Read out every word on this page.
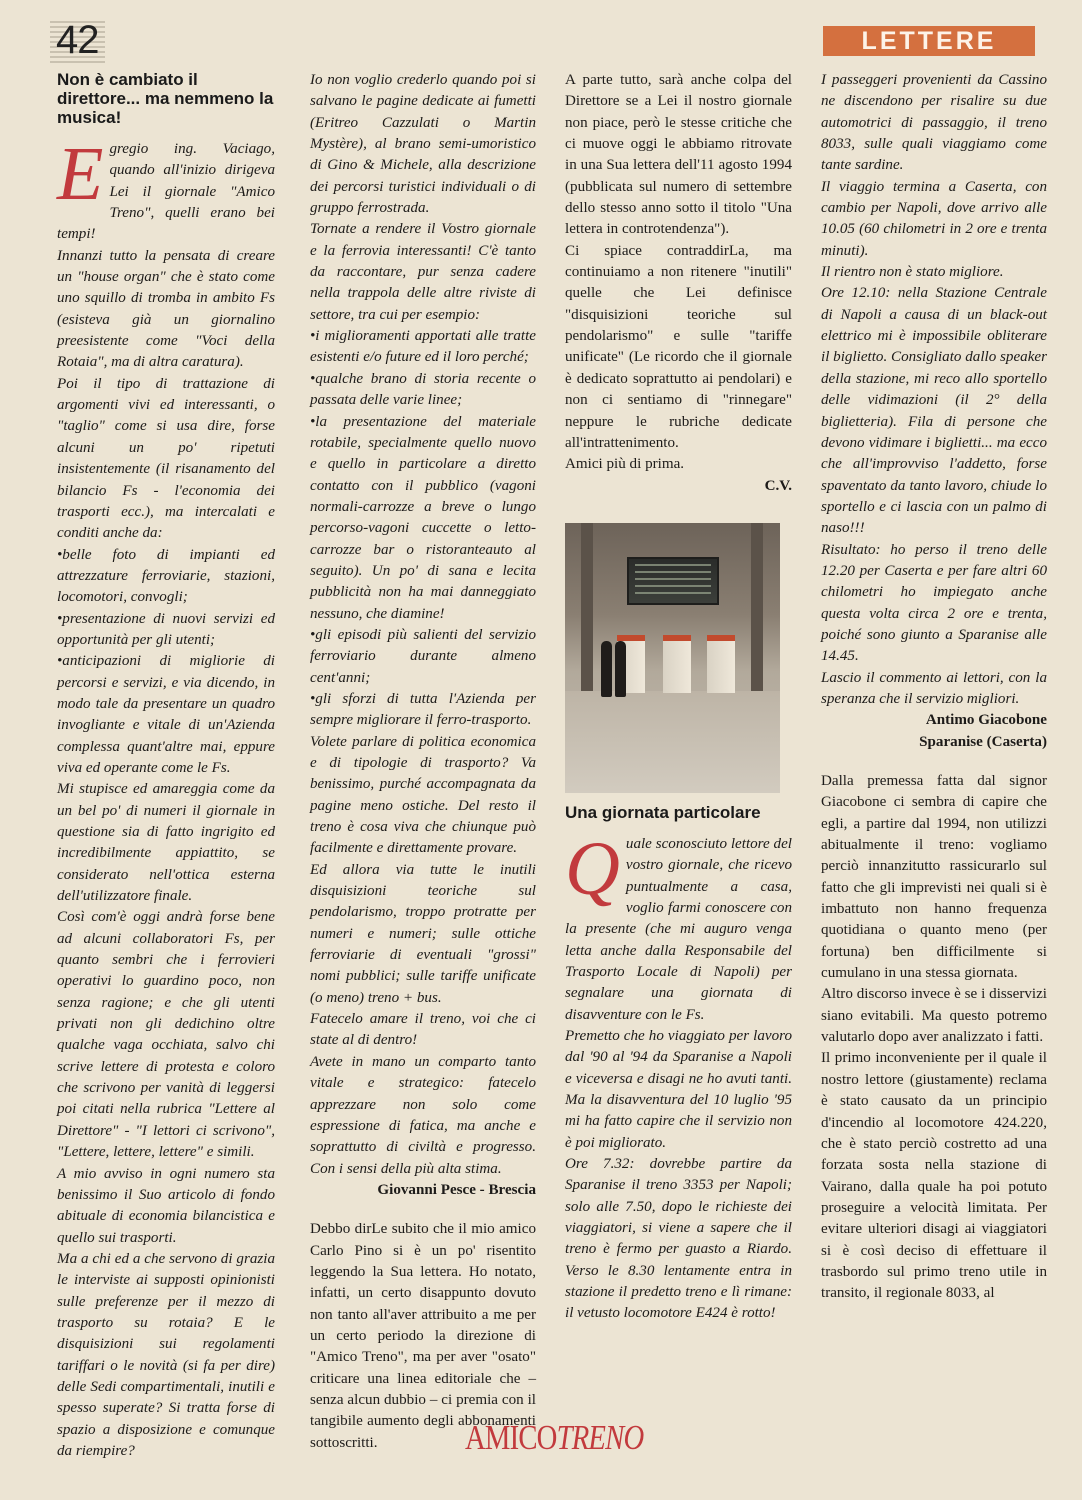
42	LETTERE
Non è cambiato il direttore... ma nemmeno la musica!

Egregio ing. Vaciago, quando all'inizio dirigeva Lei il giornale "Amico Treno", quelli erano bei tempi!

Innanzi tutto la pensata di creare un "house organ" che è stato come uno squillo di tromba in ambito Fs (esisteva già un giornalino preesistente come "Voci della Rotaia", ma di altra caratura).

Poi il tipo di trattazione di argomenti vivi ed interessanti, o "taglio" come si usa dire, forse alcuni un po' ripetuti insistentemente (il risanamento del bilancio Fs - l'economia dei trasporti ecc.), ma intercalati e conditi anche da:

•belle foto di impianti ed attrezzature ferroviarie, stazioni, locomotori, convogli;

•presentazione di nuovi servizi ed opportunità per gli utenti;

•anticipazioni di migliorie di percorsi e servizi, e via dicendo, in modo tale da presentare un quadro invogliante e vitale di un'Azienda complessa quant'altre mai, eppure viva ed operante come le Fs.

Mi stupisce ed amareggia come da un bel po' di numeri il giornale in questione sia di fatto ingrigito ed incredibilmente appiattito, se considerato nell'ottica esterna dell'utilizzatore finale.

Così com'è oggi andrà forse bene ad alcuni collaboratori Fs, per quanto sembri che i ferrovieri operativi lo guardino poco, non senza ragione; e che gli utenti privati non gli dedichino oltre qualche vaga occhiata, salvo chi scrive lettere di protesta e coloro che scrivono per vanità di leggersi poi citati nella rubrica "Lettere al Direttore" - "I lettori ci scrivono", "Lettere, lettere, lettere" e simili.

A mio avviso in ogni numero sta benissimo il Suo articolo di fondo abituale di economia bilancistica e quello sui trasporti.

Ma a chi ed a che servono di grazia le interviste ai supposti opinionisti sulle preferenze per il mezzo di trasporto su rotaia? E le disquisizioni sui regolamenti tariffari o le novità (si fa per dire) delle Sedi compartimentali, inutili e spesso superate? Si tratta forse di spazio a disposizione e comunque da riempire?

Io non voglio crederlo quando poi si salvano le pagine dedicate ai fumetti (Eritreo Cazzulati o Martin Mystère), al brano semi-umoristico di Gino & Michele, alla descrizione dei percorsi turistici individuali o di gruppo ferrostrada.

Tornate a rendere il Vostro giornale e la ferrovia interessanti! C'è tanto da raccontare, pur senza cadere nella trappola delle altre riviste di settore, tra cui per esempio:

•i miglioramenti apportati alle tratte esistenti e/o future ed il loro perché;

•qualche brano di storia recente o passata delle varie linee;

•la presentazione del materiale rotabile, specialmente quello nuovo e quello in particolare a diretto contatto con il pubblico (vagoni normali-carrozze a breve o lungo percorso-vagoni cuccette o letto-carrozze bar o ristoranteauto al seguito). Un po' di sana e lecita pubblicità non ha mai danneggiato nessuno, che diamine!

•gli episodi più salienti del servizio ferroviario durante almeno cent'anni;

•gli sforzi di tutta l'Azienda per sempre migliorare il ferro-trasporto.

Volete parlare di politica economica e di tipologie di trasporto? Va benissimo, purché accompagnata da pagine meno ostiche. Del resto il treno è cosa viva che chiunque può facilmente e direttamente provare.

Ed allora via tutte le inutili disquisizioni teoriche sul pendolarismo, troppo protratte per numeri e numeri; sulle ottiche ferroviarie di eventuali "grossi" nomi pubblici; sulle tariffe unificate (o meno) treno + bus.

Fatecelo amare il treno, voi che ci state al di dentro!

Avete in mano un comparto tanto vitale e strategico: fatecelo apprezzare non solo come espressione di fatica, ma anche e soprattutto di civiltà e progresso. Con i sensi della più alta stima.

Giovanni Pesce - Brescia

Debbo dirLe subito che il mio amico Carlo Pino si è un po' risentito leggendo la Sua lettera. Ho notato, infatti, un certo disappunto dovuto non tanto all'aver attribuito a me per un certo periodo la direzione di "Amico Treno", ma per aver "osato" criticare una linea editoriale che – senza alcun dubbio – ci premia con il tangibile aumento degli abbonamenti sottoscritti.

A parte tutto, sarà anche colpa del Direttore se a Lei il nostro giornale non piace, però le stesse critiche che ci muove oggi le abbiamo ritrovate in una Sua lettera dell'11 agosto 1994 (pubblicata sul numero di settembre dello stesso anno sotto il titolo "Una lettera in controtendenza").

Ci spiace contraddirLa, ma continuiamo a non ritenere "inutili" quelle che Lei definisce "disquisizioni teoriche sul pendolarismo" e sulle "tariffe unificate" (Le ricordo che il giornale è dedicato soprattutto ai pendolari) e non ci sentiamo di "rinnegare" neppure le rubriche dedicate all'intrattenimento.

Amici più di prima.

C.V.

Una giornata particolare

Quale sconosciuto lettore del vostro giornale, che ricevo puntualmente a casa, voglio farmi conoscere con la presente (che mi auguro venga letta anche dalla Responsabile del Trasporto Locale di Napoli) per segnalare una giornata di disavventure con le Fs.

Premetto che ho viaggiato per lavoro dal '90 al '94 da Sparanise a Napoli e viceversa e disagi ne ho avuti tanti. Ma la disavventura del 10 luglio '95 mi ha fatto capire che il servizio non è poi migliorato.

Ore 7.32: dovrebbe partire da Sparanise il treno 3353 per Napoli; solo alle 7.50, dopo le richieste dei viaggiatori, si viene a sapere che il treno è fermo per guasto a Riardo. Verso le 8.30 lentamente entra in stazione il predetto treno e lì rimane: il vetusto locomotore E424 è rotto!

I passeggeri provenienti da Cassino ne discendono per risalire su due automotrici di passaggio, il treno 8033, sulle quali viaggiamo come tante sardine.

Il viaggio termina a Caserta, con cambio per Napoli, dove arrivo alle 10.05 (60 chilometri in 2 ore e trenta minuti).

Il rientro non è stato migliore.

Ore 12.10: nella Stazione Centrale di Napoli a causa di un black-out elettrico mi è impossibile obliterare il biglietto. Consigliato dallo speaker della stazione, mi reco allo sportello delle vidimazioni (il 2° della biglietteria). Fila di persone che devono vidimare i biglietti... ma ecco che all'improvviso l'addetto, forse spaventato da tanto lavoro, chiude lo sportello e ci lascia con un palmo di naso!!!

Risultato: ho perso il treno delle 12.20 per Caserta e per fare altri 60 chilometri ho impiegato anche questa volta circa 2 ore e trenta, poiché sono giunto a Sparanise alle 14.45.

Lascio il commento ai lettori, con la speranza che il servizio migliori.

Antimo Giacobone

Sparanise (Caserta)

Dalla premessa fatta dal signor Giacobone ci sembra di capire che egli, a partire dal 1994, non utilizzi abitualmente il treno: vogliamo perciò innanzitutto rassicurarlo sul fatto che gli imprevisti nei quali si è imbattuto non hanno frequenza quotidiana o quanto meno (per fortuna) ben difficilmente si cumulano in una stessa giornata.

Altro discorso invece è se i disservizi siano evitabili. Ma questo potremo valutarlo dopo aver analizzato i fatti.

Il primo inconveniente per il quale il nostro lettore (giustamente) reclama è stato causato da un principio d'incendio al locomotore 424.220, che è stato perciò costretto ad una forzata sosta nella stazione di Vairano, dalla quale ha poi potuto proseguire a velocità limitata. Per evitare ulteriori disagi ai viaggiatori si è così deciso di effettuare il trasbordo sul primo treno utile in transito, il regionale 8033, al

AMICOTRENO
